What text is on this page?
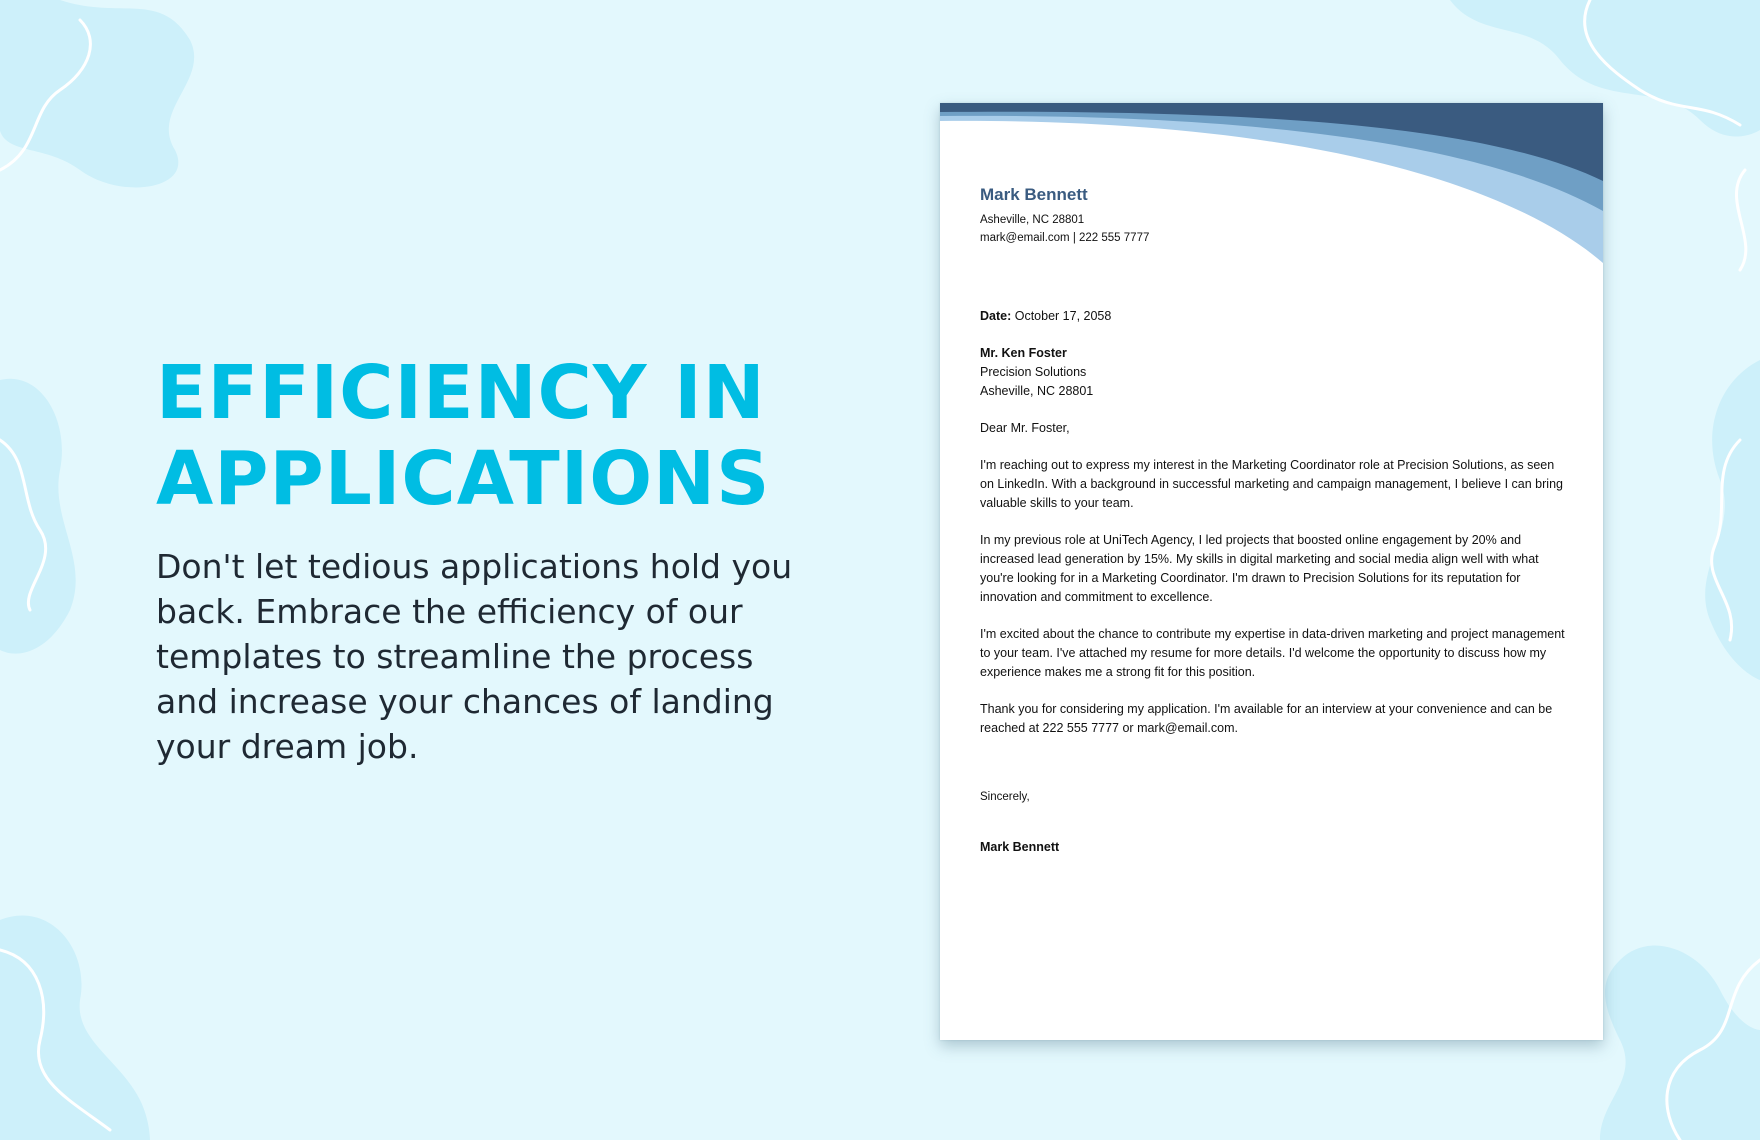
EFFICIENCY IN
APPLICATIONS

Don't let tedious applications hold you back. Embrace the efficiency of our templates to streamline the process and increase your chances of landing your dream job.

Mark Bennett
Asheville, NC 28801
mark@email.com | 222 555 7777
Date: October 17, 2058
Mr. Ken Foster
Precision Solutions
Asheville, NC 28801
Dear Mr. Foster,
I'm reaching out to express my interest in the Marketing Coordinator role at Precision Solutions, as seen on LinkedIn. With a background in successful marketing and campaign management, I believe I can bring valuable skills to your team.
In my previous role at UniTech Agency, I led projects that boosted online engagement by 20% and increased lead generation by 15%. My skills in digital marketing and social media align well with what you're looking for in a Marketing Coordinator. I'm drawn to Precision Solutions for its reputation for innovation and commitment to excellence.
I'm excited about the chance to contribute my expertise in data-driven marketing and project management to your team. I've attached my resume for more details. I'd welcome the opportunity to discuss how my experience makes me a strong fit for this position.
Thank you for considering my application. I'm available for an interview at your convenience and can be reached at 222 555 7777 or mark@email.com.
Sincerely,
Mark Bennett
